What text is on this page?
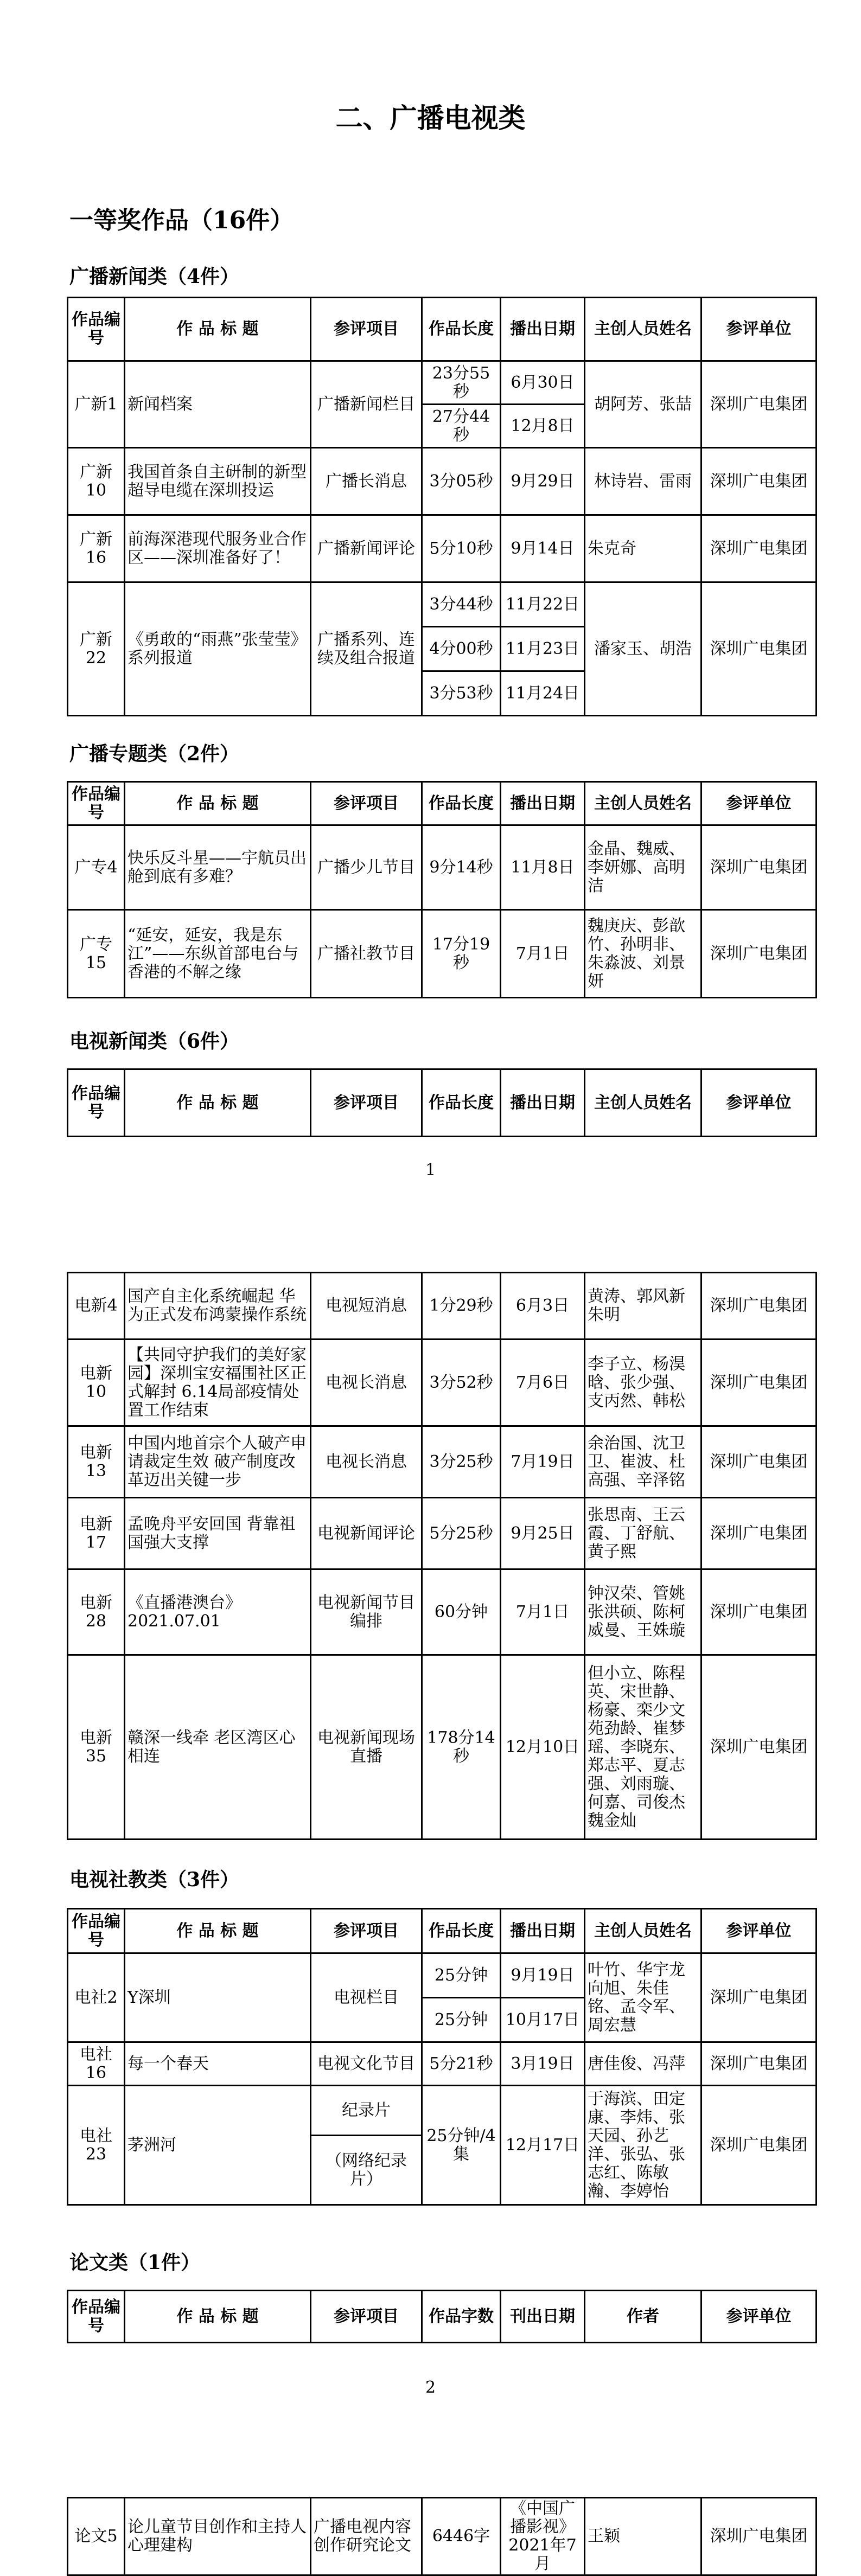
二、广播电视类
一等奖作品（16件）
广播新闻类（4件）
作品编号	作 品 标 题	参评项目	作品长度	播出日期	主创人员姓名	参评单位
广新1	新闻档案	广播新闻栏目	23分55秒	6月30日	胡阿芳、张喆	深圳广电集团
			27分44秒	12月8日		
广新10	我国首条自主研制的新型超导电缆在深圳投运	广播长消息	3分05秒	9月29日	林诗岩、雷雨	深圳广电集团
广新16	前海深港现代服务业合作区——深圳准备好了！	广播新闻评论	5分10秒	9月14日	朱克奇	深圳广电集团
广新22	《勇敢的“雨燕”张莹莹》系列报道	广播系列、连续及组合报道	3分44秒	11月22日	潘家玉、胡浩	深圳广电集团
			4分00秒	11月23日		
			3分53秒	11月24日		
广播专题类（2件）
作品编号	作 品 标 题	参评项目	作品长度	播出日期	主创人员姓名	参评单位
广专4	快乐反斗星——宇航员出舱到底有多难？	广播少儿节目	9分14秒	11月8日	金晶、魏威、李妍娜、高明洁	深圳广电集团
广专15	“延安，延安，我是东江”——东纵首部电台与香港的不解之缘	广播社教节目	17分19秒	7月1日	魏庚庆、彭歆竹、孙明非、朱淼波、刘景妍	深圳广电集团
电视新闻类（6件）
作品编号	作 品 标 题	参评项目	作品长度	播出日期	主创人员姓名	参评单位
1
电新4	国产自主化系统崛起 华为正式发布鸿蒙操作系统	电视短消息	1分29秒	6月3日	黄涛、郭风新朱明	深圳广电集团
电新10	【共同守护我们的美好家园】深圳宝安福围社区正式解封 6.14局部疫情处置工作结束	电视长消息	3分52秒	7月6日	李子立、杨淏晗、张少强、支丙然、韩松	深圳广电集团
电新13	中国内地首宗个人破产申请裁定生效 破产制度改革迈出关键一步	电视长消息	3分25秒	7月19日	余治国、沈卫卫、崔波、杜高强、辛泽铭	深圳广电集团
电新17	孟晚舟平安回国 背靠祖国强大支撑	电视新闻评论	5分25秒	9月25日	张思南、王云霞、丁舒航、黄子熙	深圳广电集团
电新28	《直播港澳台》2021.07.01	电视新闻节目编排	60分钟	7月1日	钟汉荣、管姚张洪硕、陈柯威曼、王姝璇	深圳广电集团
电新35	赣深一线牵 老区湾区心相连	电视新闻现场直播	178分14秒	12月10日	但小立、陈程英、宋世静、杨豪、栾少文苑劲龄、崔梦瑶、李晓东、郑志平、夏志强、刘雨璇、何嘉、司俊杰魏金灿	深圳广电集团
电视社教类（3件）
作品编号	作 品 标 题	参评项目	作品长度	播出日期	主创人员姓名	参评单位
电社2	Y深圳	电视栏目	25分钟	9月19日	叶竹、华宇龙向旭、朱佳铭、孟令军、周宏慧	深圳广电集团
			25分钟	10月17日		
电社16	每一个春天	电视文化节目	5分21秒	3月19日	唐佳俊、冯萍	深圳广电集团
电社23	茅洲河	纪录片	25分钟/4集	12月17日	于海滨、田定康、李炜、张天园、孙艺洋、张弘、张志红、陈敏瀚、李婷怡	深圳广电集团
		（网络纪录片）				
论文类（1件）
作品编号	作 品 标 题	参评项目	作品字数	刊出日期	作者	参评单位
2
论文5	论儿童节目创作和主持人心理建构	广播电视内容创作研究论文	6446字	《中国广播影视》2021年7月	王颖	深圳广电集团
